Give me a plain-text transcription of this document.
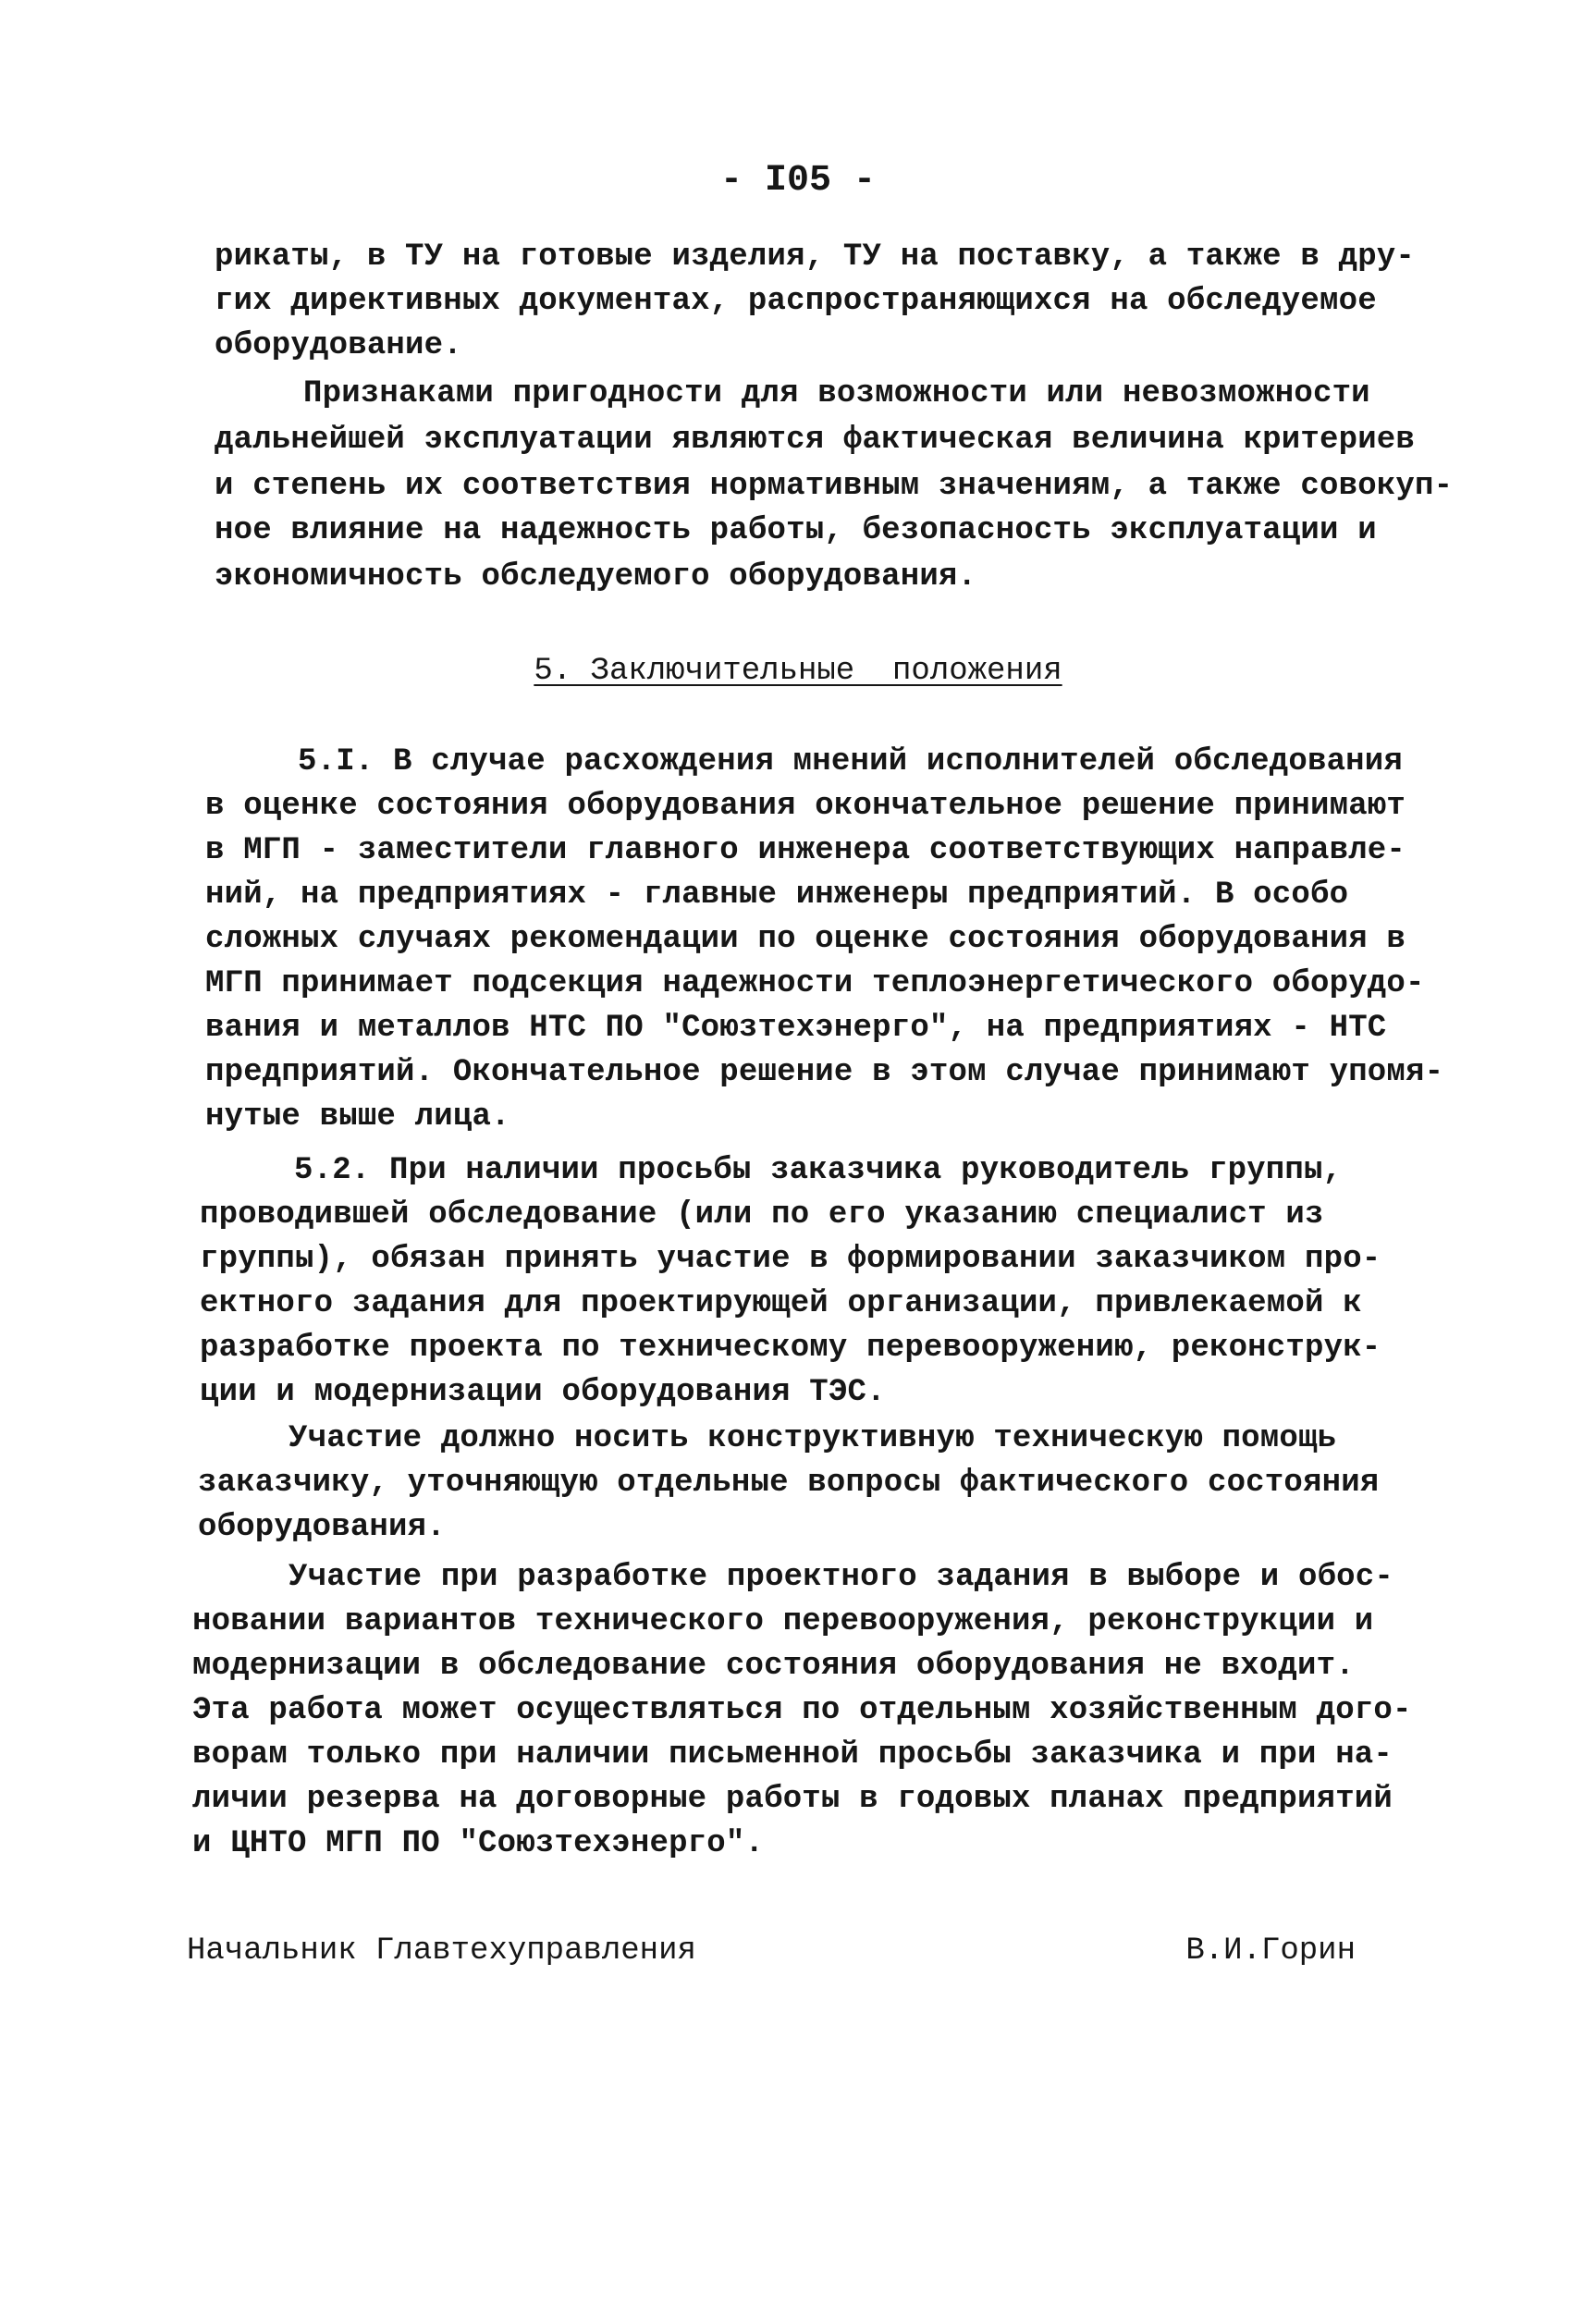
- I05 -
рикаты, в ТУ на готовые изделия, ТУ на поставку, а также в дру-
гих директивных документах, распространяющихся на обследуемое
оборудование.
Признаками пригодности для возможности или невозможности
дальнейшей эксплуатации являются фактическая величина критериев
и степень их соответствия нормативным значениям, а также совокуп-
ное влияние на надежность работы, безопасность эксплуатации и
экономичность обследуемого оборудования.
5. Заключительные  положения
5.I. В случае расхождения мнений исполнителей обследования
в оценке состояния оборудования окончательное решение принимают
в МГП - заместители главного инженера соответствующих направле-
ний, на предприятиях - главные инженеры предприятий. В особо
сложных случаях рекомендации по оценке состояния оборудования в
МГП принимает подсекция надежности теплоэнергетического оборудо-
вания и металлов НТС ПО "Союзтехэнерго", на предприятиях - НТС
предприятий. Окончательное решение в этом случае принимают упомя-
нутые выше лица.
5.2. При наличии просьбы заказчика руководитель группы,
проводившей обследование (или по его указанию специалист из
группы), обязан принять участие в формировании заказчиком про-
ектного задания для проектирующей организации, привлекаемой к
разработке проекта по техническому перевооружению, реконструк-
ции и модернизации оборудования ТЭС.
Участие должно носить конструктивную техническую помощь
заказчику, уточняющую отдельные вопросы фактического состояния
оборудования.
Участие при разработке проектного задания в выборе и обос-
новании вариантов технического перевооружения, реконструкции и
модернизации в обследование состояния оборудования не входит.
Эта работа может осуществляться по отдельным хозяйственным дого-
ворам только при наличии письменной просьбы заказчика и при на-
личии резерва на договорные работы в годовых планах предприятий
и ЦНТО МГП ПО "Союзтехэнерго".
Начальник Главтехуправления	В.И.Горин
